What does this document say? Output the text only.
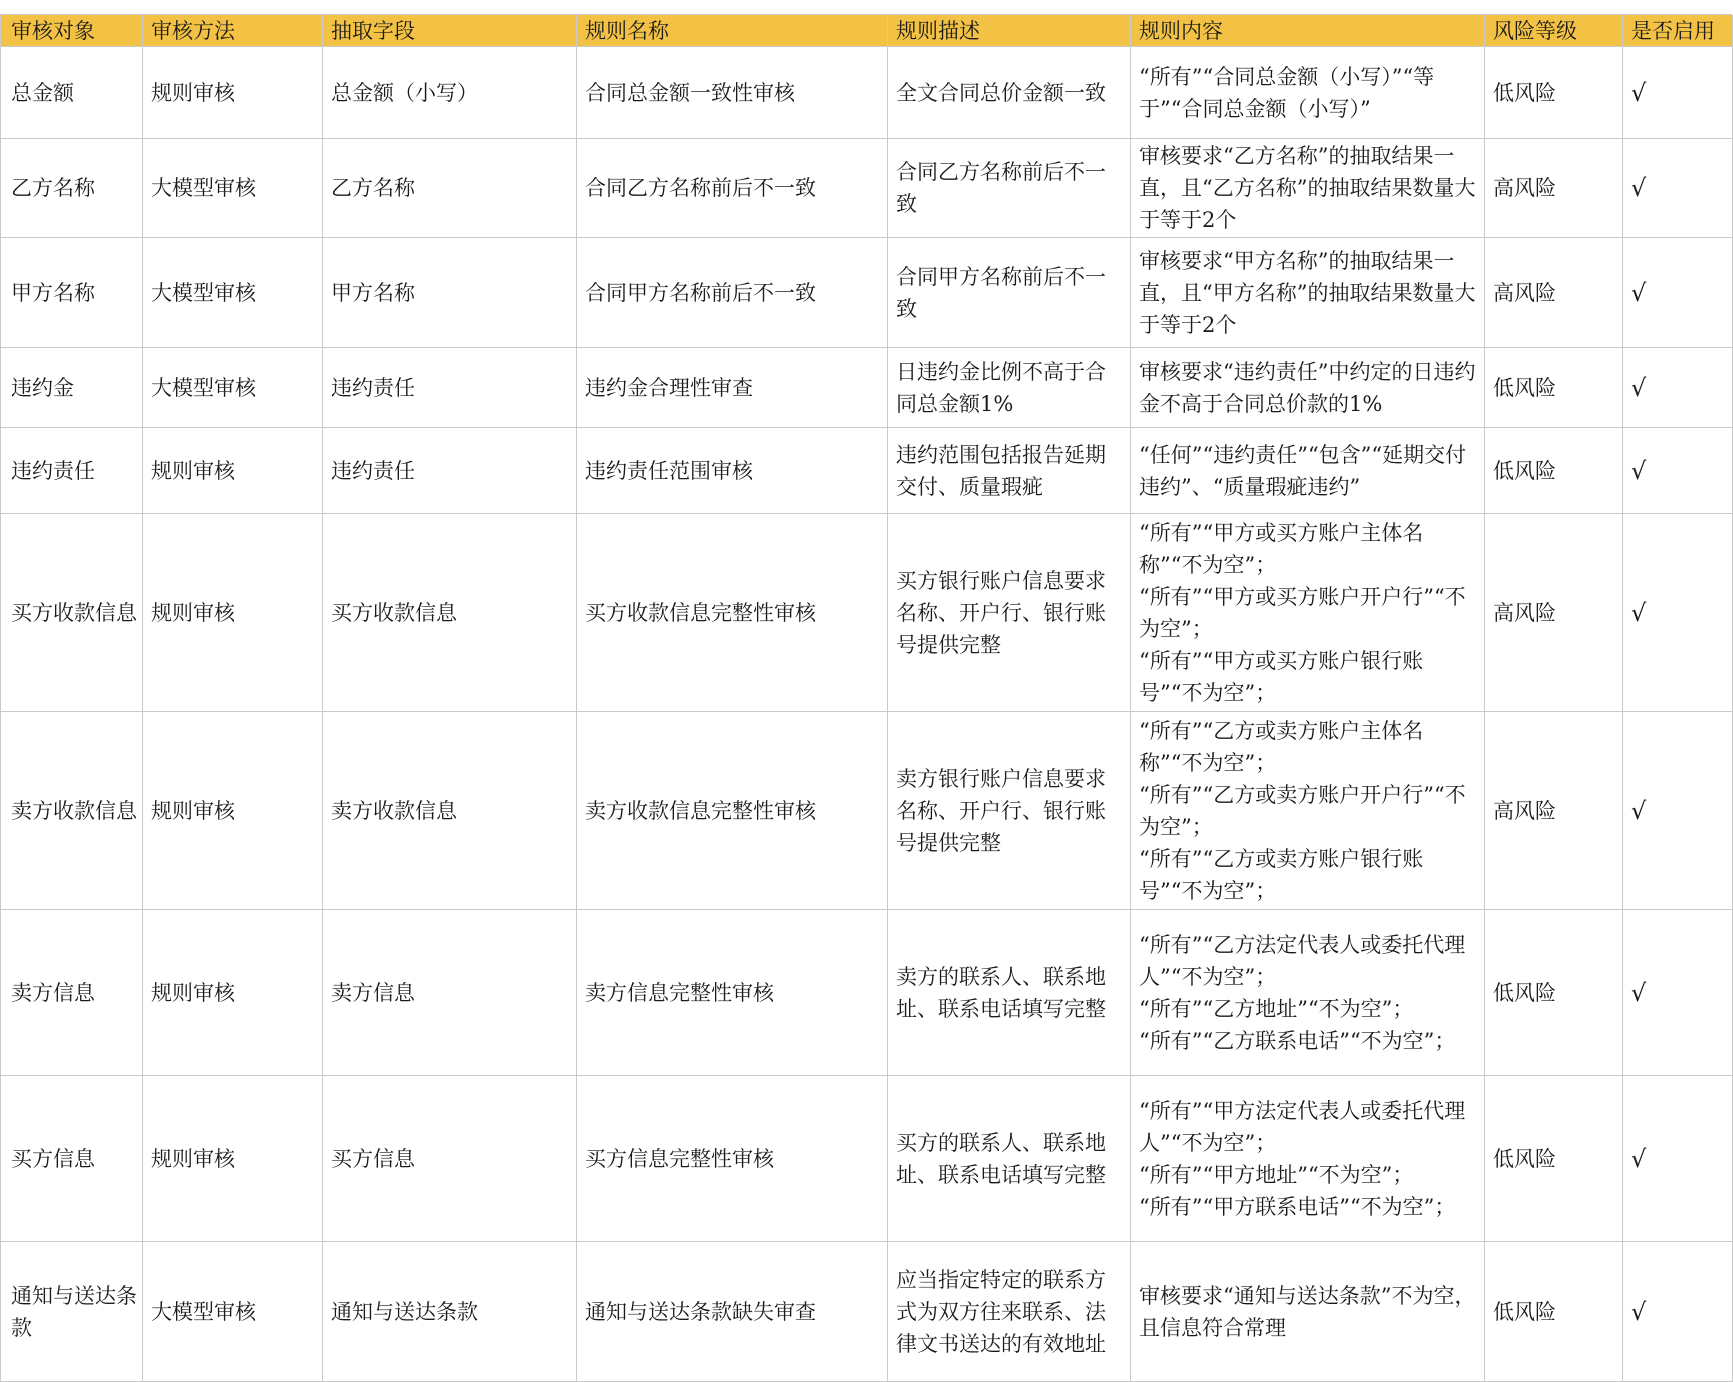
审核对象	审核方法	抽取字段	规则名称	规则描述	规则内容	风险等级	是否启用
总金额	规则审核	总金额（小写）	合同总金额一致性审核	全文合同总价金额一致	“所有”“合同总金额（小写）”“等于”“合同总金额（小写）”	低风险	√
乙方名称	大模型审核	乙方名称	合同乙方名称前后不一致	合同乙方名称前后不一致	审核要求“乙方名称”的抽取结果一直，且“乙方名称”的抽取结果数量大于等于2个	高风险	√
甲方名称	大模型审核	甲方名称	合同甲方名称前后不一致	合同甲方名称前后不一致	审核要求“甲方名称”的抽取结果一直，且“甲方名称”的抽取结果数量大于等于2个	高风险	√
违约金	大模型审核	违约责任	违约金合理性审查	日违约金比例不高于合同总金额1%	审核要求“违约责任”中约定的日违约金不高于合同总价款的1%	低风险	√
违约责任	规则审核	违约责任	违约责任范围审核	违约范围包括报告延期交付、质量瑕疵	“任何”“违约责任”“包含”“延期交付违约”、“质量瑕疵违约”	低风险	√
买方收款信息	规则审核	买方收款信息	买方收款信息完整性审核	买方银行账户信息要求名称、开户行、银行账号提供完整	“所有”“甲方或买方账户主体名称”“不为空”；
“所有”“甲方或买方账户开户行”“不为空”；
“所有”“甲方或买方账户银行账号”“不为空”；	高风险	√
卖方收款信息	规则审核	卖方收款信息	卖方收款信息完整性审核	卖方银行账户信息要求名称、开户行、银行账号提供完整	“所有”“乙方或卖方账户主体名称”“不为空”；
“所有”“乙方或卖方账户开户行”“不为空”；
“所有”“乙方或卖方账户银行账号”“不为空”；	高风险	√
卖方信息	规则审核	卖方信息	卖方信息完整性审核	卖方的联系人、联系地址、联系电话填写完整	“所有”“乙方法定代表人或委托代理人”“不为空”；
“所有”“乙方地址”“不为空”；
“所有”“乙方联系电话”“不为空”；	低风险	√
买方信息	规则审核	买方信息	买方信息完整性审核	买方的联系人、联系地址、联系电话填写完整	“所有”“甲方法定代表人或委托代理人”“不为空”；
“所有”“甲方地址”“不为空”；
“所有”“甲方联系电话”“不为空”；	低风险	√
通知与送达条款	大模型审核	通知与送达条款	通知与送达条款缺失审查	应当指定特定的联系方式为双方往来联系、法律文书送达的有效地址	审核要求“通知与送达条款”不为空，且信息符合常理	低风险	√
